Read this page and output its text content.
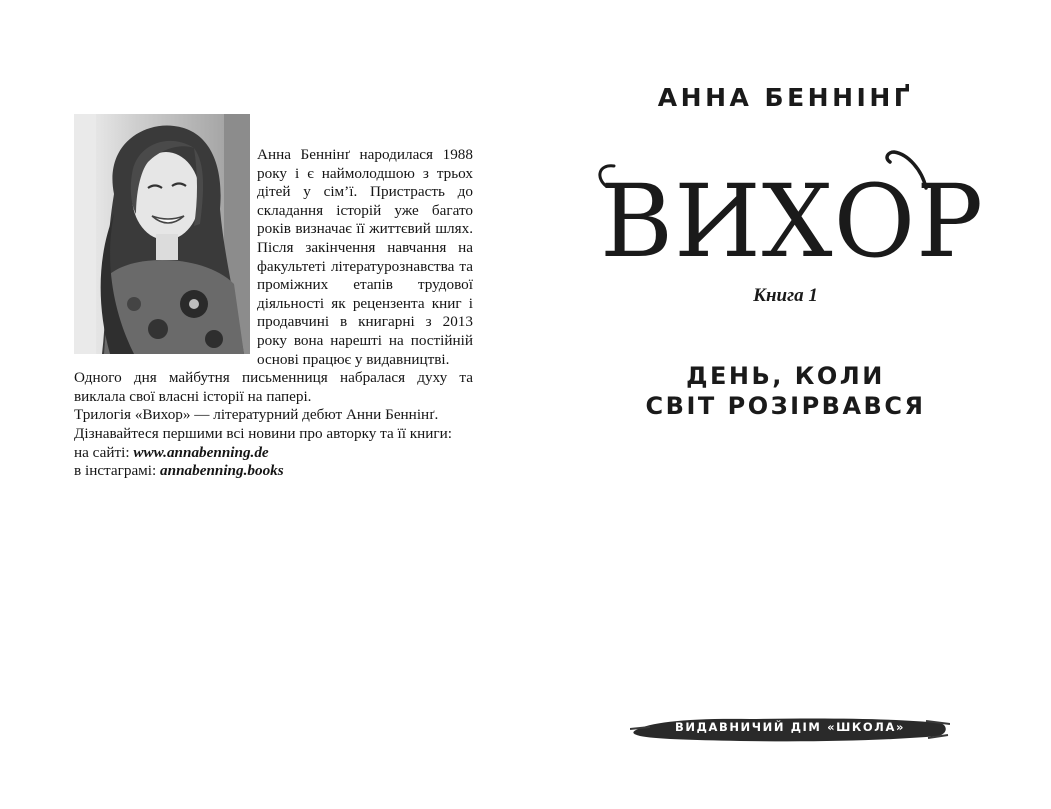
Анна Беннінґ народилася 1988 року і є наймолодшою з трьох дітей у сім’ї. Пристрасть до складання історій уже багато років визначає її життєвий шлях. Після закінчення навчання на факультеті літературознавства та проміжних етапів трудової діяльності як рецензента книг і продавчині в книгарні з 2013 року вона нарешті на постійній основі працює у видавництві.

Одного дня майбутня письменниця набралася духу та виклала свої власні історії на папері.

Трилогія «Вихор» — літературний дебют Анни Беннінґ.

Дізнавайтеся першими всі новини про авторку та її книги:

на сайті: www.annabenning.de

в інстаграмі: annabenning.books

АННА БЕННІНҐ
ВИХОР
Книга 1
ДЕНЬ, КОЛИ
СВІТ РОЗІРВАВСЯ
ВИДАВНИЧИЙ ДІМ «ШКОЛА»
